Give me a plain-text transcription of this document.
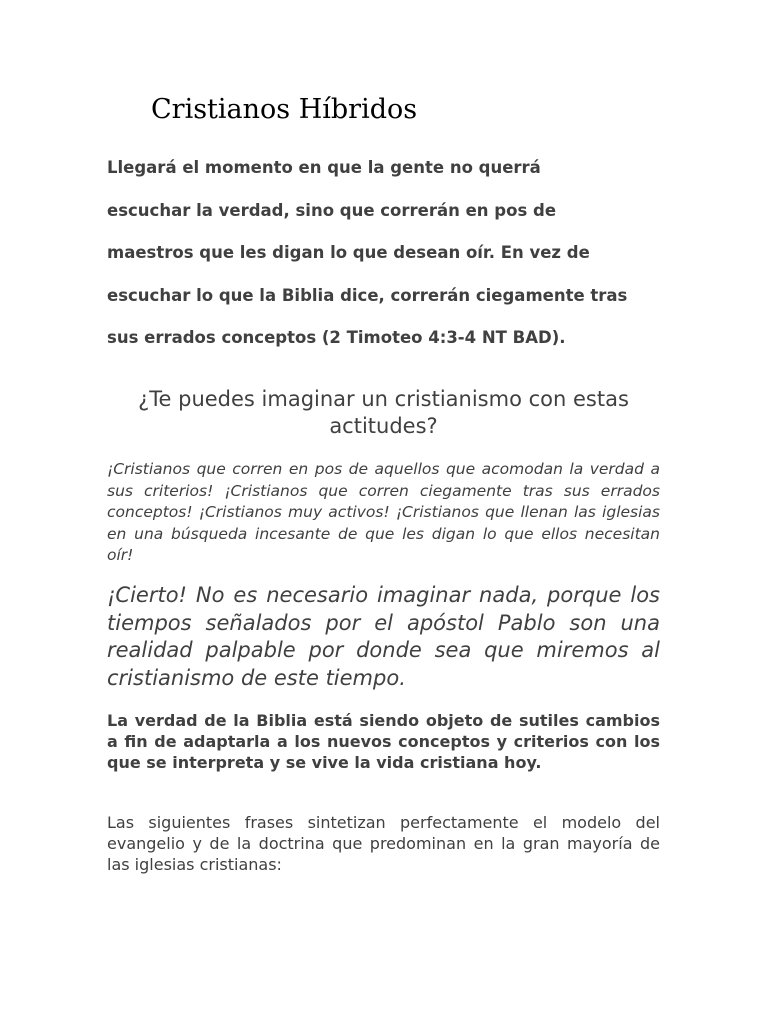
Cristianos Híbridos
Llegará el momento en que la gente no querrá
escuchar la verdad, sino que correrán en pos de
maestros que les digan lo que desean oír. En vez de
escuchar lo que la Biblia dice, correrán ciegamente tras
sus errados conceptos (2 Timoteo 4:3-4 NT BAD).

¿Te puedes imaginar un cristianismo con estas actitudes?

¡Cristianos que corren en pos de aquellos que acomodan la verdad a sus criterios! ¡Cristianos que corren ciegamente tras sus errados conceptos! ¡Cristianos muy activos! ¡Cristianos que llenan las iglesias en una búsqueda incesante de que les digan lo que ellos necesitan oír!

¡Cierto! No es necesario imaginar nada, porque los tiempos señalados por el apóstol Pablo son una realidad palpable por donde sea que miremos al cristianismo de este tiempo.

La verdad de la Biblia está siendo objeto de sutiles cambios a fin de adaptarla a los nuevos conceptos y criterios con los que se interpreta y se vive la vida cristiana hoy.

Las siguientes frases sintetizan perfectamente el modelo del evangelio y de la doctrina que predominan en la gran mayoría de las iglesias cristianas:
